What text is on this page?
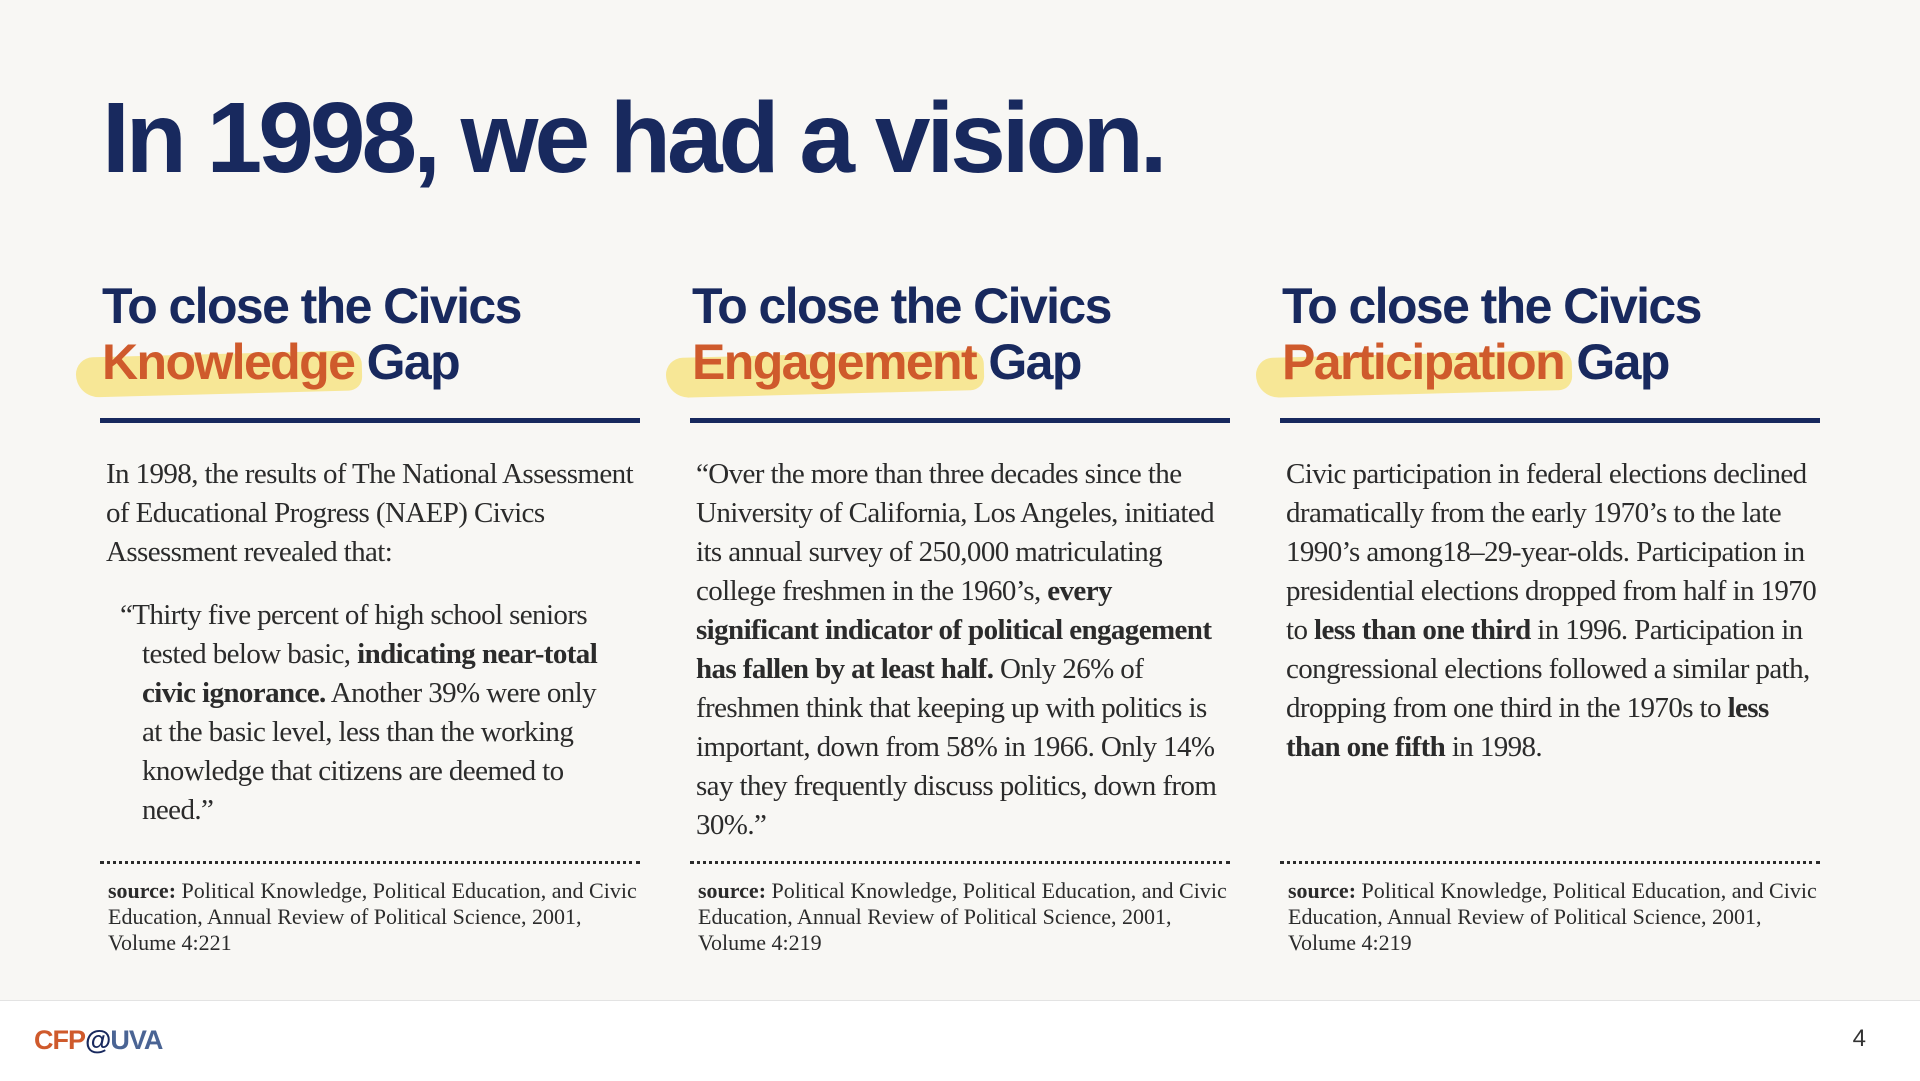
In 1998, we had a vision.
To close the Civics
Knowledge Gap

In 1998, the results of The National Assessment of Educational Progress (NAEP) Civics Assessment revealed that:

“Thirty five percent of high school seniors tested below basic, indicating near-total civic ignorance. Another 39% were only at the basic level, less than the working knowledge that citizens are deemed to need.”

source: Political Knowledge, Political Education, and Civic Education, Annual Review of Political Science, 2001, Volume 4:221
To close the Civics
Engagement Gap

“Over the more than three decades since the University of California, Los Angeles, initiated its annual survey of 250,000 matriculating college freshmen in the 1960’s, every significant indicator of political engagement has fallen by at least half. Only 26% of freshmen think that keeping up with politics is important, down from 58% in 1966. Only 14% say they frequently discuss politics, down from 30%.”

source: Political Knowledge, Political Education, and Civic Education, Annual Review of Political Science, 2001, Volume 4:219
To close the Civics
Participation Gap

Civic participation in federal elections declined dramatically from the early 1970’s to the late 1990’s among18–29-year-olds. Participation in presidential elections dropped from half in 1970 to less than one third in 1996. Participation in congressional elections followed a similar path, dropping from one third in the 1970s to less than one fifth in 1998.

source: Political Knowledge, Political Education, and Civic Education, Annual Review of Political Science, 2001, Volume 4:219
CFP@UVA	4
